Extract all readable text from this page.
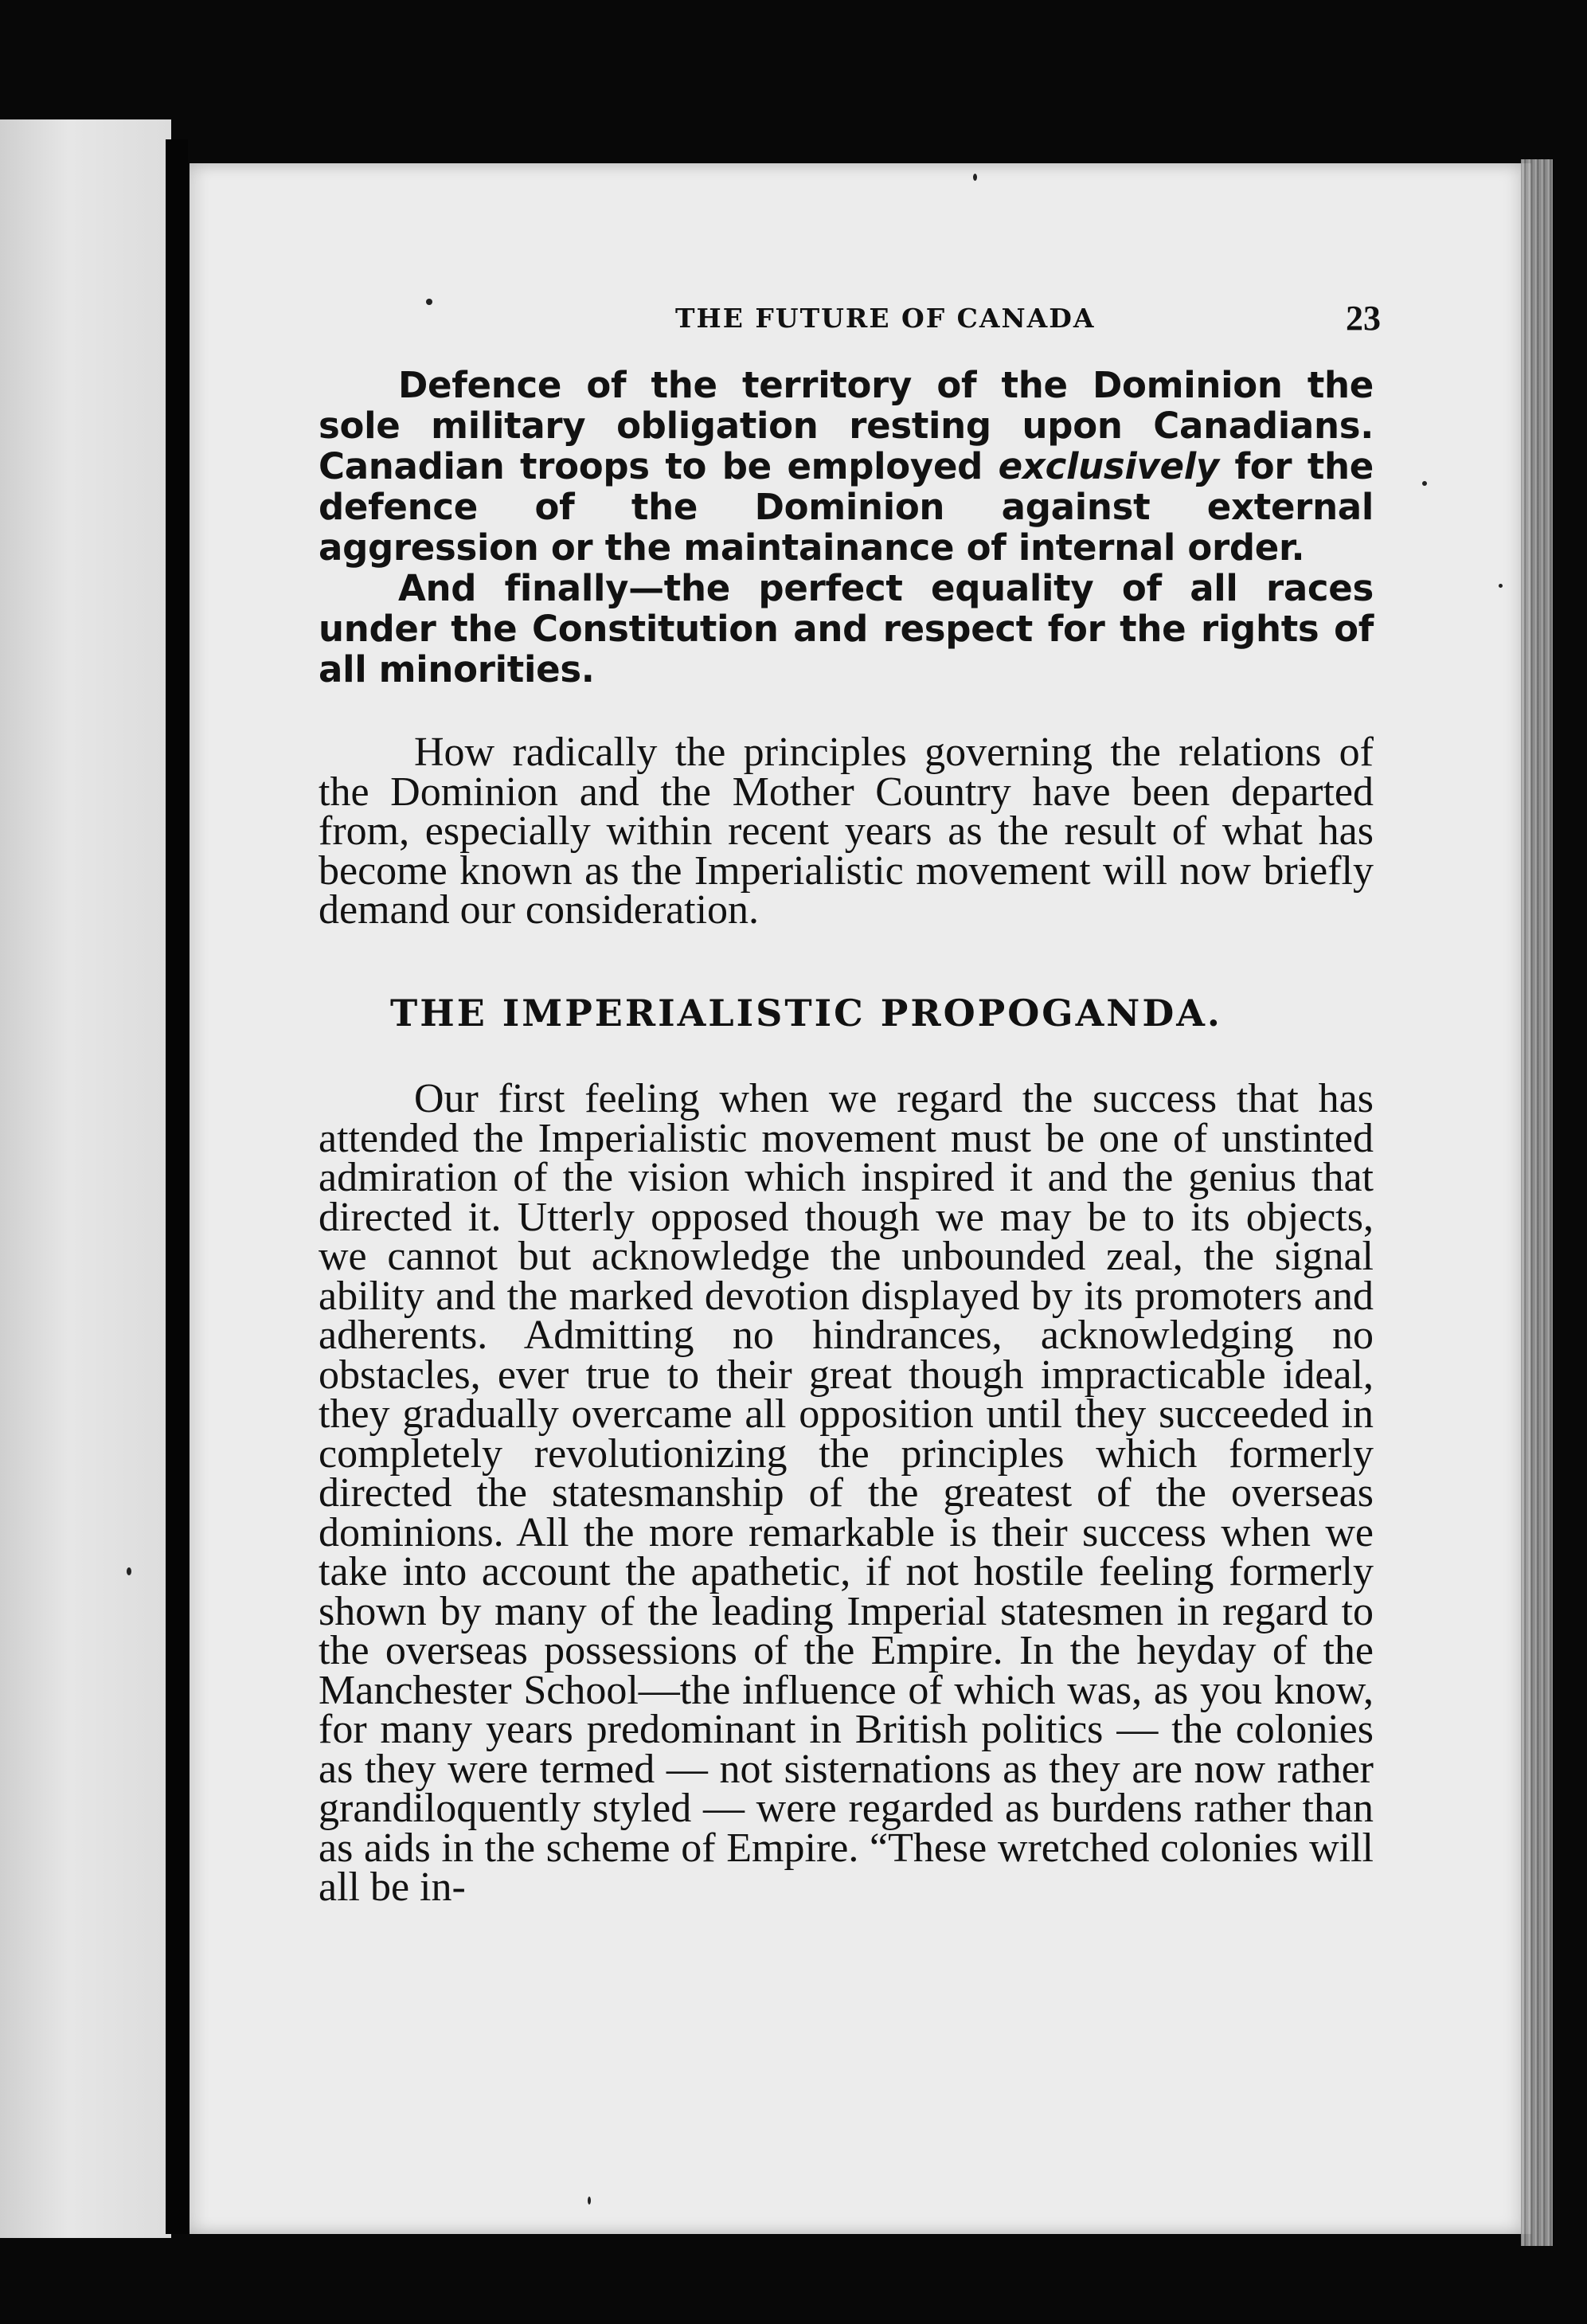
THE FUTURE OF CANADA	23

Defence of the territory of the Dominion the sole military obligation resting upon Canadians. Canadian troops to be employed exclusively for the defence of the Dominion against external aggression or the maintainance of internal order.

And finally—the perfect equality of all races under the Constitution and respect for the rights of all minorities.

How radically the principles governing the relations of the Dominion and the Mother Country have been departed from, especially within recent years as the result of what has become known as the Imperialistic movement will now briefly demand our consideration.

THE IMPERIALISTIC PROPOGANDA.

Our first feeling when we regard the success that has attended the Imperialistic movement must be one of unstinted admiration of the vision which inspired it and the genius that directed it. Utterly opposed though we may be to its objects, we cannot but acknowledge the unbounded zeal, the signal ability and the marked devotion displayed by its promoters and adherents. Admitting no hindrances, acknowledging no obstacles, ever true to their great though impracticable ideal, they gradually overcame all opposition until they succeeded in completely revolutionizing the principles which formerly directed the statesmanship of the greatest of the overseas dominions. All the more remarkable is their success when we take into account the apathetic, if not hostile feeling formerly shown by many of the leading Imperial statesmen in regard to the overseas possessions of the Empire. In the heyday of the Manchester School—the influence of which was, as you know, for many years predominant in British politics — the colonies as they were termed — not sisternations as they are now rather grandiloquently styled — were regarded as burdens rather than as aids in the scheme of Empire. “These wretched colonies will all be in-
